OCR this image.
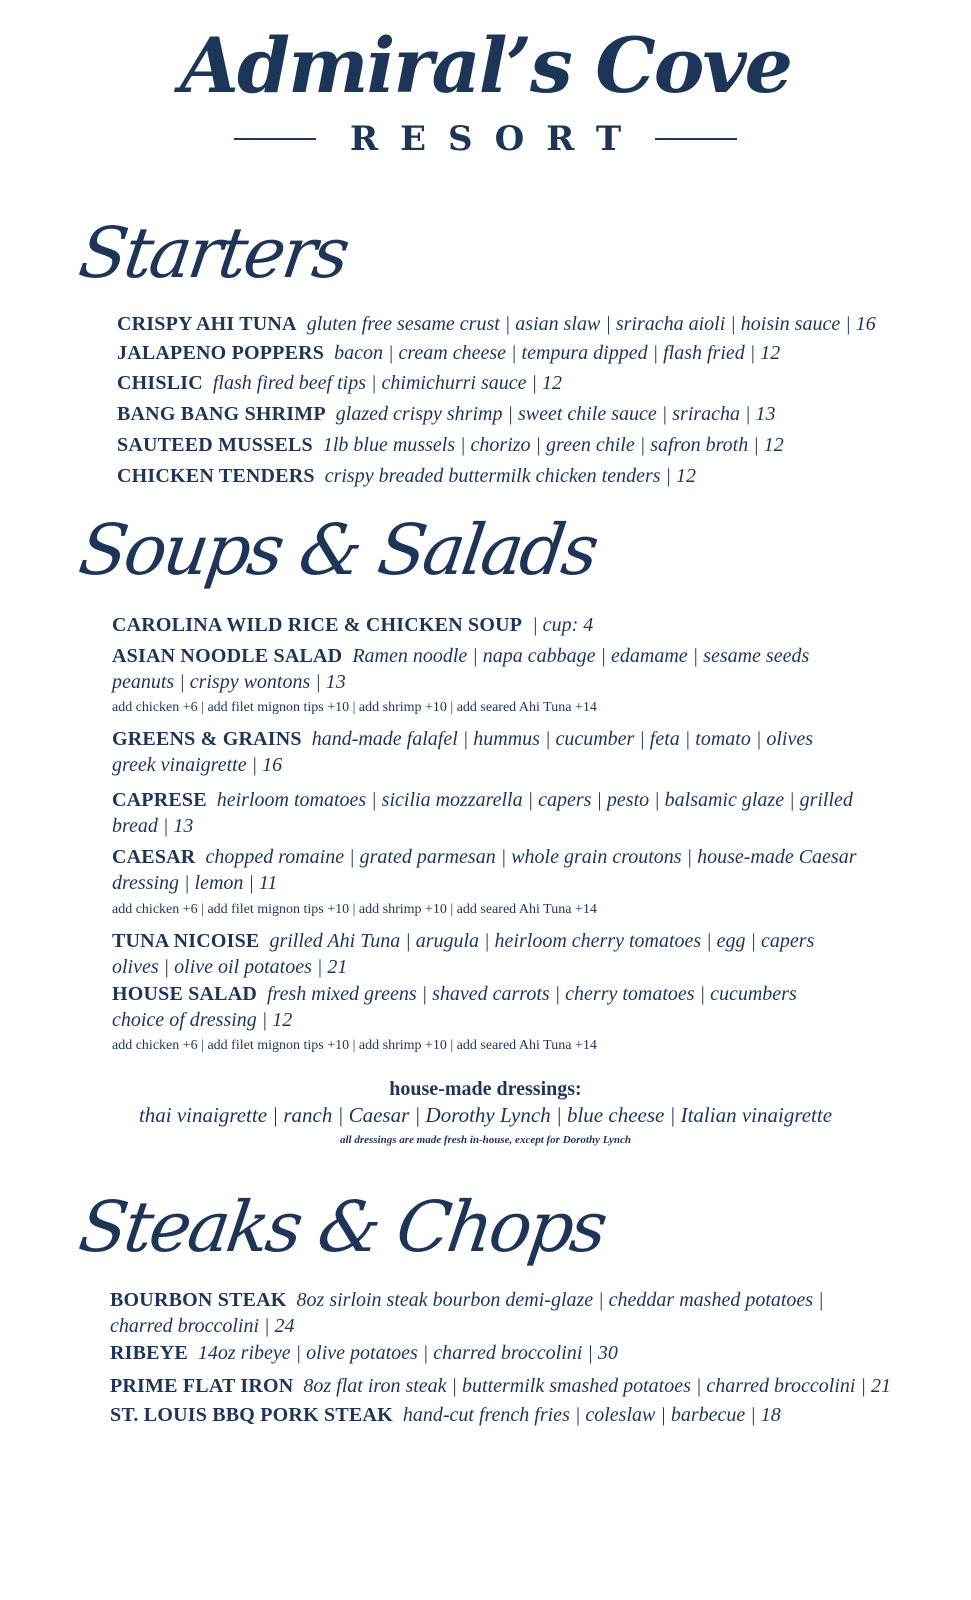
Admiral’s Cove
RESORT
Starters
CRISPY AHI TUNA gluten free sesame crust | asian slaw | sriracha aioli | hoisin sauce | 16
JALAPENO POPPERS bacon | cream cheese | tempura dipped | flash fried | 12
CHISLIC flash fired beef tips | chimichurri sauce | 12
BANG BANG SHRIMP glazed crispy shrimp | sweet chile sauce | sriracha | 13
SAUTEED MUSSELS 1lb blue mussels | chorizo | green chile | safron broth | 12
CHICKEN TENDERS crispy breaded buttermilk chicken tenders | 12
Soups & Salads
CAROLINA WILD RICE & CHICKEN SOUP | cup: 4
ASIAN NOODLE SALAD Ramen noodle | napa cabbage | edamame | sesame seeds
peanuts | crispy wontons | 13
add chicken +6 | add filet mignon tips +10 | add shrimp +10 | add seared Ahi Tuna +14
GREENS & GRAINS hand-made falafel | hummus | cucumber | feta | tomato | olives
greek vinaigrette | 16
CAPRESE heirloom tomatoes | sicilia mozzarella | capers | pesto | balsamic glaze | grilled
bread | 13
CAESAR chopped romaine | grated parmesan | whole grain croutons | house-made Caesar
dressing | lemon | 11
add chicken +6 | add filet mignon tips +10 | add shrimp +10 | add seared Ahi Tuna +14
TUNA NICOISE grilled Ahi Tuna | arugula | heirloom cherry tomatoes | egg | capers
olives | olive oil potatoes | 21
HOUSE SALAD fresh mixed greens | shaved carrots | cherry tomatoes | cucumbers
choice of dressing | 12
add chicken +6 | add filet mignon tips +10 | add shrimp +10 | add seared Ahi Tuna +14
house-made dressings:
thai vinaigrette | ranch | Caesar | Dorothy Lynch | blue cheese | Italian vinaigrette
all dressings are made fresh in-house, except for Dorothy Lynch
Steaks & Chops
BOURBON STEAK 8oz sirloin steak bourbon demi-glaze | cheddar mashed potatoes |
charred broccolini | 24
RIBEYE 14oz ribeye | olive potatoes | charred broccolini | 30
PRIME FLAT IRON 8oz flat iron steak | buttermilk smashed potatoes | charred broccolini | 21
ST. LOUIS BBQ PORK STEAK hand-cut french fries | coleslaw | barbecue | 18
